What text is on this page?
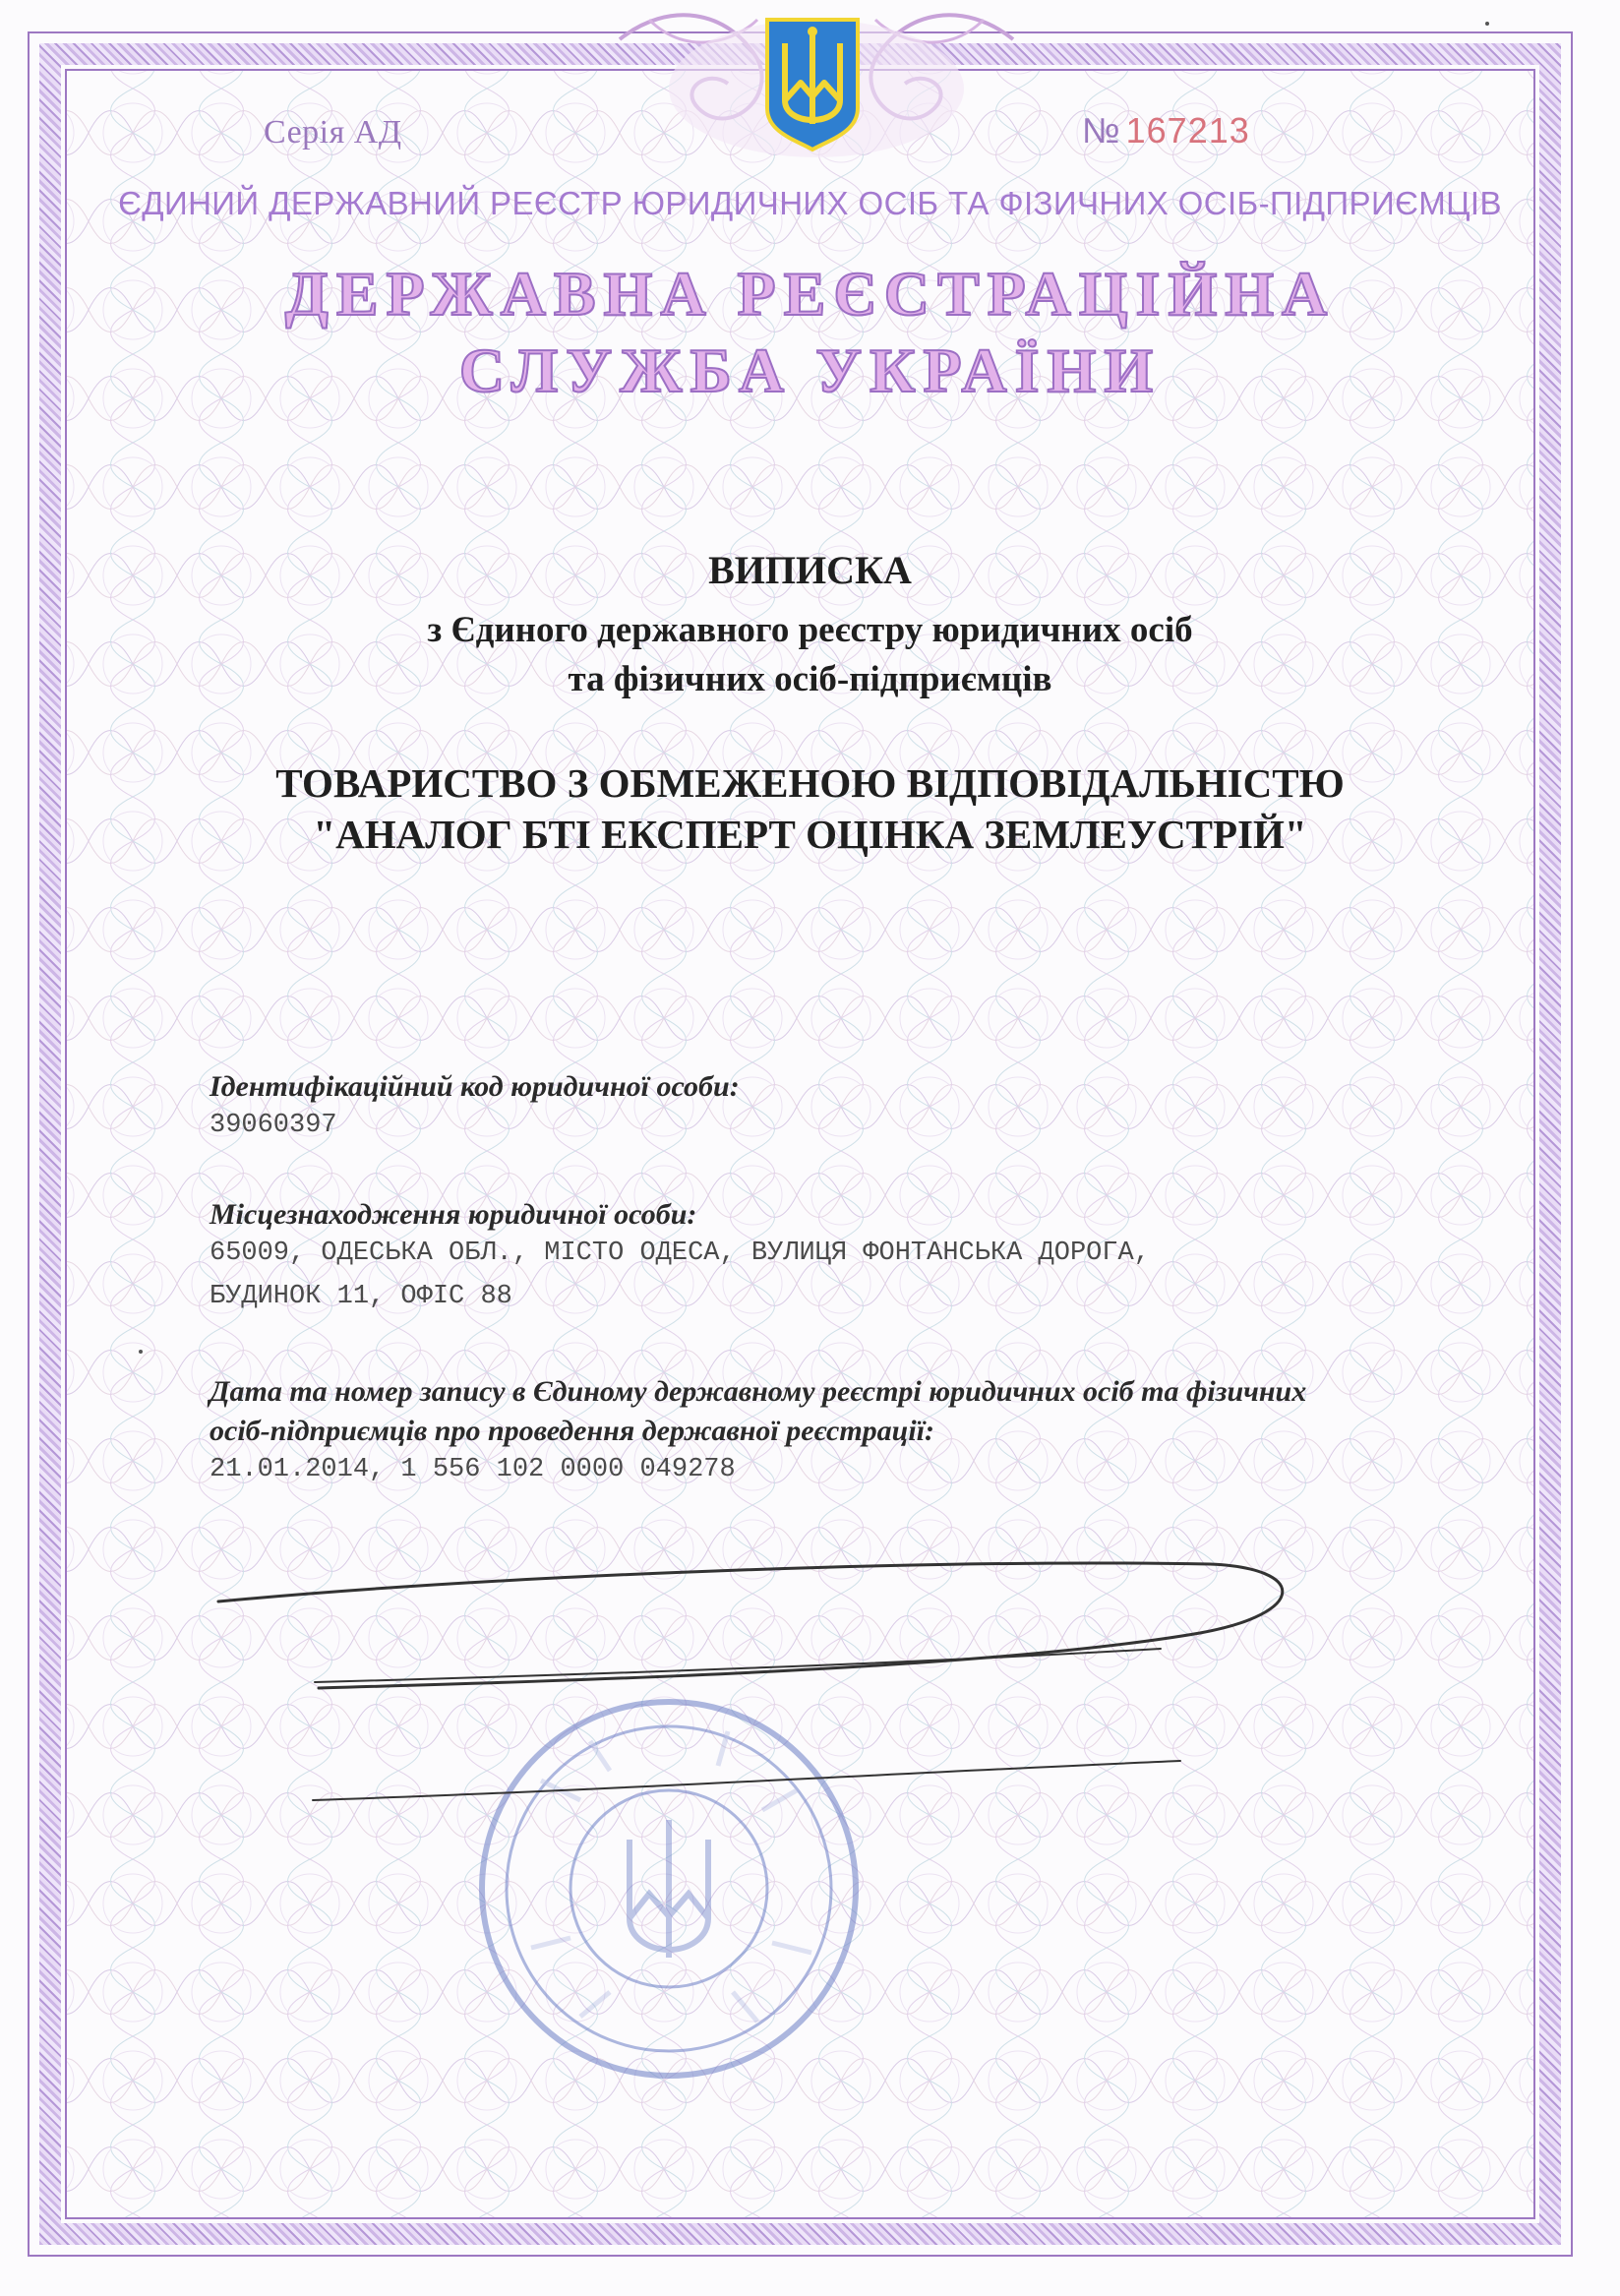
Серія АД	№ 167213
ЄДИНИЙ ДЕРЖАВНИЙ РЕЄСТР ЮРИДИЧНИХ ОСІБ ТА ФІЗИЧНИХ ОСІБ-ПІДПРИЄМЦІВ
ДЕРЖАВНА РЕЄСТРАЦІЙНА
СЛУЖБА УКРАЇНИ
ВИПИСКА
з Єдиного державного реєстру юридичних осіб
та фізичних осіб-підприємців
ТОВАРИСТВО З ОБМЕЖЕНОЮ ВІДПОВІДАЛЬНІСТЮ
"АНАЛОГ БТІ ЕКСПЕРТ ОЦІНКА ЗЕМЛЕУСТРІЙ"
Ідентифікаційний код юридичної особи:
39060397
Місцезнаходження юридичної особи:
65009, ОДЕСЬКА ОБЛ., МІСТО ОДЕСА, ВУЛИЦЯ ФОНТАНСЬКА ДОРОГА,
БУДИНОК 11, ОФІС 88
Дата та номер запису в Єдиному державному реєстрі юридичних осіб та фізичних
осіб-підприємців про проведення державної реєстрації:
21.01.2014, 1 556 102 0000 049278
